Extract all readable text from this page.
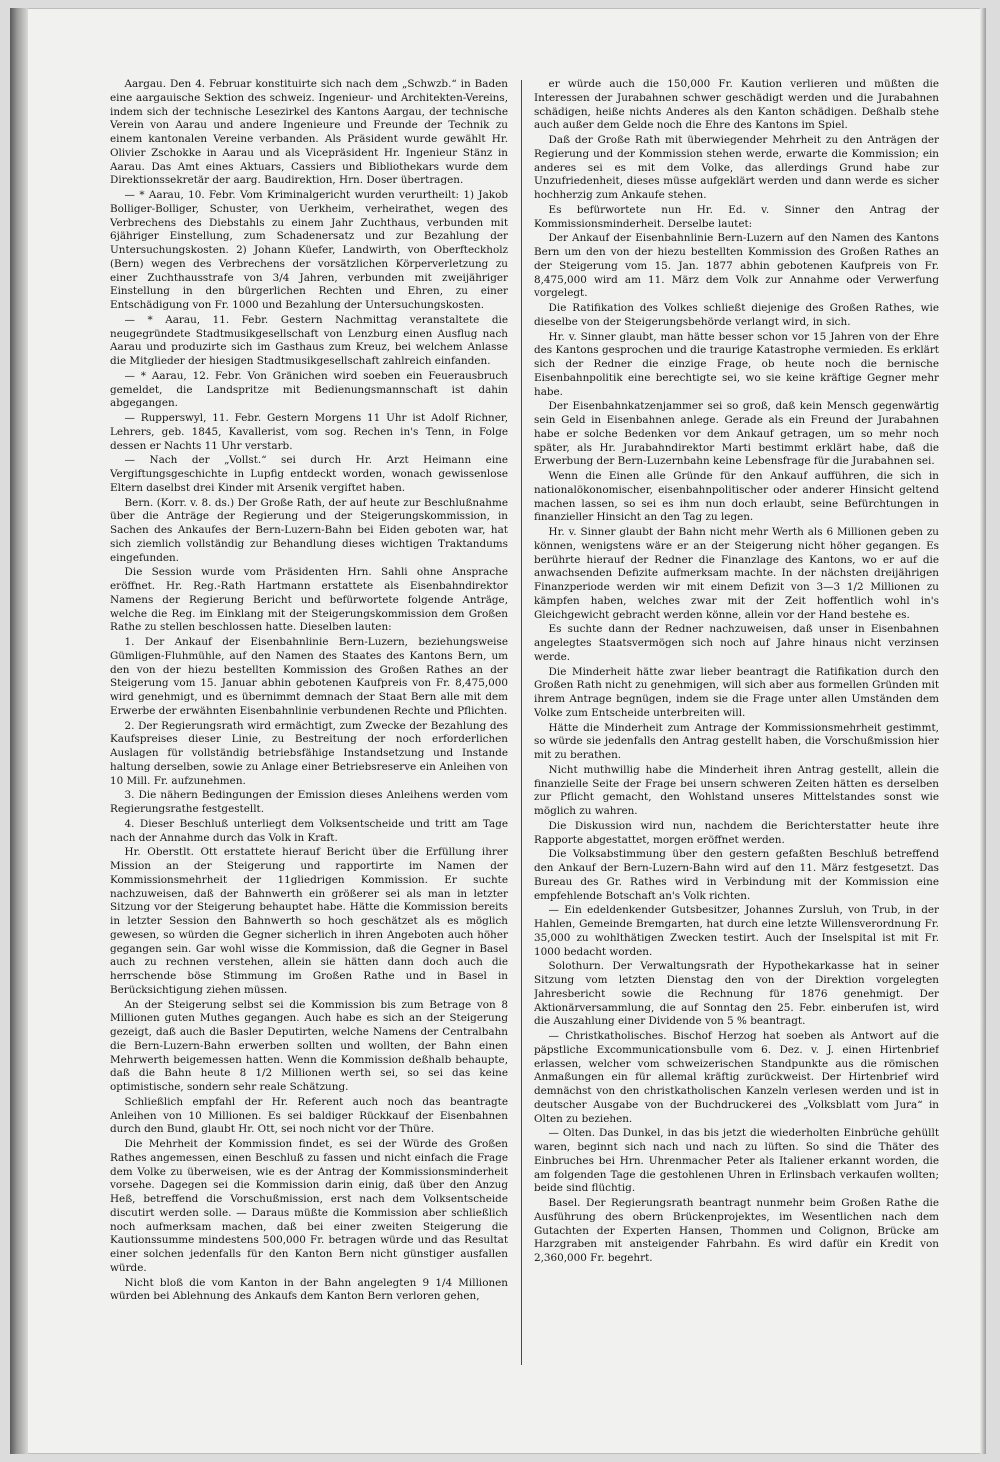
Aargau. Den 4. Februar konstituirte sich nach dem „Schwzb.“ in Baden eine aargauische Sektion des schweiz. Ingenieur- und Architekten-Vereins, indem sich der technische Lesezirkel des Kantons Aargau, der technische Verein von Aarau und andere Ingenieure und Freunde der Technik zu einem kantonalen Vereine verbanden. Als Präsident wurde gewählt Hr. Olivier Zschokke in Aarau und als Vicepräsident Hr. Ingenieur Stänz in Aarau. Das Amt eines Aktuars, Cassiers und Bibliothekars wurde dem Direktionssekretär der aarg. Baudirektion, Hrn. Doser übertragen.

— * Aarau, 10. Febr. Vom Kriminalgericht wurden verurtheilt: 1) Jakob Bolliger-Bolliger, Schuster, von Uerkheim, verheirathet, wegen des Verbrechens des Diebstahls zu einem Jahr Zuchthaus, verbunden mit 6jähriger Einstellung, zum Schadenersatz und zur Bezahlung der Untersuchungskosten. 2) Johann Küefer, Landwirth, von Oberfteckholz (Bern) wegen des Verbrechens der vorsätzlichen Körperverletzung zu einer Zuchthausstrafe von 3/4 Jahren, verbunden mit zweijähriger Einstellung in den bürgerlichen Rechten und Ehren, zu einer Entschädigung von Fr. 1000 und Bezahlung der Untersuchungskosten.

— * Aarau, 11. Febr. Gestern Nachmittag veranstaltete die neugegründete Stadtmusikgesellschaft von Lenzburg einen Ausflug nach Aarau und produzirte sich im Gasthaus zum Kreuz, bei welchem Anlasse die Mitglieder der hiesigen Stadtmusikgesellschaft zahlreich einfanden.

— * Aarau, 12. Febr. Von Gränichen wird soeben ein Feuerausbruch gemeldet, die Landspritze mit Bedienungsmannschaft ist dahin abgegangen.

— Rupperswyl, 11. Febr. Gestern Morgens 11 Uhr ist Adolf Richner, Lehrers, geb. 1845, Kavallerist, vom sog. Rechen in's Tenn, in Folge dessen er Nachts 11 Uhr verstarb.

— Nach der „Vollst.“ sei durch Hr. Arzt Heimann eine Vergiftungsgeschichte in Lupfig entdeckt worden, wonach gewissenlose Eltern daselbst drei Kinder mit Arsenik vergiftet haben.

Bern. (Korr. v. 8. ds.) Der Große Rath, der auf heute zur Beschlußnahme über die Anträge der Regierung und der Steigerungskommission, in Sachen des Ankaufes der Bern-Luzern-Bahn bei Eiden geboten war, hat sich ziemlich vollständig zur Behandlung dieses wichtigen Traktandums eingefunden.

Die Session wurde vom Präsidenten Hrn. Sahli ohne Ansprache eröffnet. Hr. Reg.-Rath Hartmann erstattete als Eisenbahndirektor Namens der Regierung Bericht und befürwortete folgende Anträge, welche die Reg. im Einklang mit der Steigerungskommission dem Großen Rathe zu stellen beschlossen hatte. Dieselben lauten:

1. Der Ankauf der Eisenbahnlinie Bern-Luzern, beziehungsweise Gümligen-Fluhmühle, auf den Namen des Staates des Kantons Bern, um den von der hiezu bestellten Kommission des Großen Rathes an der Steigerung vom 15. Januar abhin gebotenen Kaufpreis von Fr. 8,475,000 wird genehmigt, und es übernimmt demnach der Staat Bern alle mit dem Erwerbe der erwähnten Eisenbahnlinie verbundenen Rechte und Pflichten.

2. Der Regierungsrath wird ermächtigt, zum Zwecke der Bezahlung des Kaufspreises dieser Linie, zu Bestreitung der noch erforderlichen Auslagen für vollständig betriebsfähige Instandsetzung und Instande haltung derselben, sowie zu Anlage einer Betriebsreserve ein Anleihen von 10 Mill. Fr. aufzunehmen.

3. Die nähern Bedingungen der Emission dieses Anleihens werden vom Regierungsrathe festgestellt.

4. Dieser Beschluß unterliegt dem Volksentscheide und tritt am Tage nach der Annahme durch das Volk in Kraft.

Hr. Oberstlt. Ott erstattete hierauf Bericht über die Erfüllung ihrer Mission an der Steigerung und rapportirte im Namen der Kommissionsmehrheit der 11gliedrigen Kommission. Er suchte nachzuweisen, daß der Bahnwerth ein größerer sei als man in letzter Sitzung vor der Steigerung behauptet habe. Hätte die Kommission bereits in letzter Session den Bahnwerth so hoch geschätzet als es möglich gewesen, so würden die Gegner sicherlich in ihren Angeboten auch höher gegangen sein. Gar wohl wisse die Kommission, daß die Gegner in Basel auch zu rechnen verstehen, allein sie hätten dann doch auch die herrschende böse Stimmung im Großen Rathe und in Basel in Berücksichtigung ziehen müssen.

An der Steigerung selbst sei die Kommission bis zum Betrage von 8 Millionen guten Muthes gegangen. Auch habe es sich an der Steigerung gezeigt, daß auch die Basler Deputirten, welche Namens der Centralbahn die Bern-Luzern-Bahn erwerben sollten und wollten, der Bahn einen Mehrwerth beigemessen hatten. Wenn die Kommission deßhalb behaupte, daß die Bahn heute 8 1/2 Millionen werth sei, so sei das keine optimistische, sondern sehr reale Schätzung.

Schließlich empfahl der Hr. Referent auch noch das beantragte Anleihen von 10 Millionen. Es sei baldiger Rückkauf der Eisenbahnen durch den Bund, glaubt Hr. Ott, sei noch nicht vor der Thüre.

Die Mehrheit der Kommission findet, es sei der Würde des Großen Rathes angemessen, einen Beschluß zu fassen und nicht einfach die Frage dem Volke zu überweisen, wie es der Antrag der Kommissionsminderheit vorsehe. Dagegen sei die Kommission darin einig, daß über den Anzug Heß, betreffend die Vorschußmission, erst nach dem Volksentscheide discutirt werden solle. — Daraus müßte die Kommission aber schließlich noch aufmerksam machen, daß bei einer zweiten Steigerung die Kautionssumme mindestens 500,000 Fr. betragen würde und das Resultat einer solchen jedenfalls für den Kanton Bern nicht günstiger ausfallen würde.

Nicht bloß die vom Kanton in der Bahn angelegten 9 1/4 Millionen würden bei Ablehnung des Ankaufs dem Kanton Bern verloren gehen,

er würde auch die 150,000 Fr. Kaution verlieren und müßten die Interessen der Jurabahnen schwer geschädigt werden und die Jurabahnen schädigen, heiße nichts Anderes als den Kanton schädigen. Deßhalb stehe auch außer dem Gelde noch die Ehre des Kantons im Spiel.

Daß der Große Rath mit überwiegender Mehrheit zu den Anträgen der Regierung und der Kommission stehen werde, erwarte die Kommission; ein anderes sei es mit dem Volke, das allerdings Grund habe zur Unzufriedenheit, dieses müsse aufgeklärt werden und dann werde es sicher hochherzig zum Ankaufe stehen.

Es befürwortete nun Hr. Ed. v. Sinner den Antrag der Kommissionsminderheit. Derselbe lautet:

Der Ankauf der Eisenbahnlinie Bern-Luzern auf den Namen des Kantons Bern um den von der hiezu bestellten Kommission des Großen Rathes an der Steigerung vom 15. Jan. 1877 abhin gebotenen Kaufpreis von Fr. 8,475,000 wird am 11. März dem Volk zur Annahme oder Verwerfung vorgelegt.

Die Ratifikation des Volkes schließt diejenige des Großen Rathes, wie dieselbe von der Steigerungsbehörde verlangt wird, in sich.

Hr. v. Sinner glaubt, man hätte besser schon vor 15 Jahren von der Ehre des Kantons gesprochen und die traurige Katastrophe vermieden. Es erklärt sich der Redner die einzige Frage, ob heute noch die bernische Eisenbahnpolitik eine berechtigte sei, wo sie keine kräftige Gegner mehr habe.

Der Eisenbahnkatzenjammer sei so groß, daß kein Mensch gegenwärtig sein Geld in Eisenbahnen anlege. Gerade als ein Freund der Jurabahnen habe er solche Bedenken vor dem Ankauf getragen, um so mehr noch später, als Hr. Jurabahndirektor Marti bestimmt erklärt habe, daß die Erwerbung der Bern-Luzernbahn keine Lebensfrage für die Jurabahnen sei.

Wenn die Einen alle Gründe für den Ankauf aufführen, die sich in nationalökonomischer, eisenbahnpolitischer oder anderer Hinsicht geltend machen lassen, so sei es ihm nun doch erlaubt, seine Befürchtungen in finanzieller Hinsicht an den Tag zu legen.

Hr. v. Sinner glaubt der Bahn nicht mehr Werth als 6 Millionen geben zu können, wenigstens wäre er an der Steigerung nicht höher gegangen. Es berührte hierauf der Redner die Finanzlage des Kantons, wo er auf die anwachsenden Defizite aufmerksam machte. In der nächsten dreijährigen Finanzperiode werden wir mit einem Defizit von 3—3 1/2 Millionen zu kämpfen haben, welches zwar mit der Zeit hoffentlich wohl in's Gleichgewicht gebracht werden könne, allein vor der Hand bestehe es.

Es suchte dann der Redner nachzuweisen, daß unser in Eisenbahnen angelegtes Staatsvermögen sich noch auf Jahre hinaus nicht verzinsen werde.

Die Minderheit hätte zwar lieber beantragt die Ratifikation durch den Großen Rath nicht zu genehmigen, will sich aber aus formellen Gründen mit ihrem Antrage begnügen, indem sie die Frage unter allen Umständen dem Volke zum Entscheide unterbreiten will.

Hätte die Minderheit zum Antrage der Kommissionsmehrheit gestimmt, so würde sie jedenfalls den Antrag gestellt haben, die Vorschußmission hier mit zu berathen.

Nicht muthwillig habe die Minderheit ihren Antrag gestellt, allein die finanzielle Seite der Frage bei unsern schweren Zeiten hätten es derselben zur Pflicht gemacht, den Wohlstand unseres Mittelstandes sonst wie möglich zu wahren.

Die Diskussion wird nun, nachdem die Berichterstatter heute ihre Rapporte abgestattet, morgen eröffnet werden.

Die Volksabstimmung über den gestern gefaßten Beschluß betreffend den Ankauf der Bern-Luzern-Bahn wird auf den 11. März festgesetzt. Das Bureau des Gr. Rathes wird in Verbindung mit der Kommission eine empfehlende Botschaft an's Volk richten.

— Ein edeldenkender Gutsbesitzer, Johannes Zursluh, von Trub, in der Hahlen, Gemeinde Bremgarten, hat durch eine letzte Willensverordnung Fr. 35,000 zu wohlthätigen Zwecken testirt. Auch der Inselspital ist mit Fr. 1000 bedacht worden.

Solothurn. Der Verwaltungsrath der Hypothekarkasse hat in seiner Sitzung vom letzten Dienstag den von der Direktion vorgelegten Jahresbericht sowie die Rechnung für 1876 genehmigt. Der Aktionärversammlung, die auf Sonntag den 25. Febr. einberufen ist, wird die Auszahlung einer Dividende von 5 % beantragt.

— Christkatholisches. Bischof Herzog hat soeben als Antwort auf die päpstliche Excommunicationsbulle vom 6. Dez. v. J. einen Hirtenbrief erlassen, welcher vom schweizerischen Standpunkte aus die römischen Anmaßungen ein für allemal kräftig zurückweist. Der Hirtenbrief wird demnächst von den christkatholischen Kanzeln verlesen werden und ist in deutscher Ausgabe von der Buchdruckerei des „Volksblatt vom Jura“ in Olten zu beziehen.

— Olten. Das Dunkel, in das bis jetzt die wiederholten Einbrüche gehüllt waren, beginnt sich nach und nach zu lüften. So sind die Thäter des Einbruches bei Hrn. Uhrenmacher Peter als Italiener erkannt worden, die am folgenden Tage die gestohlenen Uhren in Erlinsbach verkaufen wollten; beide sind flüchtig.

Basel. Der Regierungsrath beantragt nunmehr beim Großen Rathe die Ausführung des obern Brückenprojektes, im Wesentlichen nach dem Gutachten der Experten Hansen, Thommen und Colignon, Brücke am Harzgraben mit ansteigender Fahrbahn. Es wird dafür ein Kredit von 2,360,000 Fr. begehrt.
